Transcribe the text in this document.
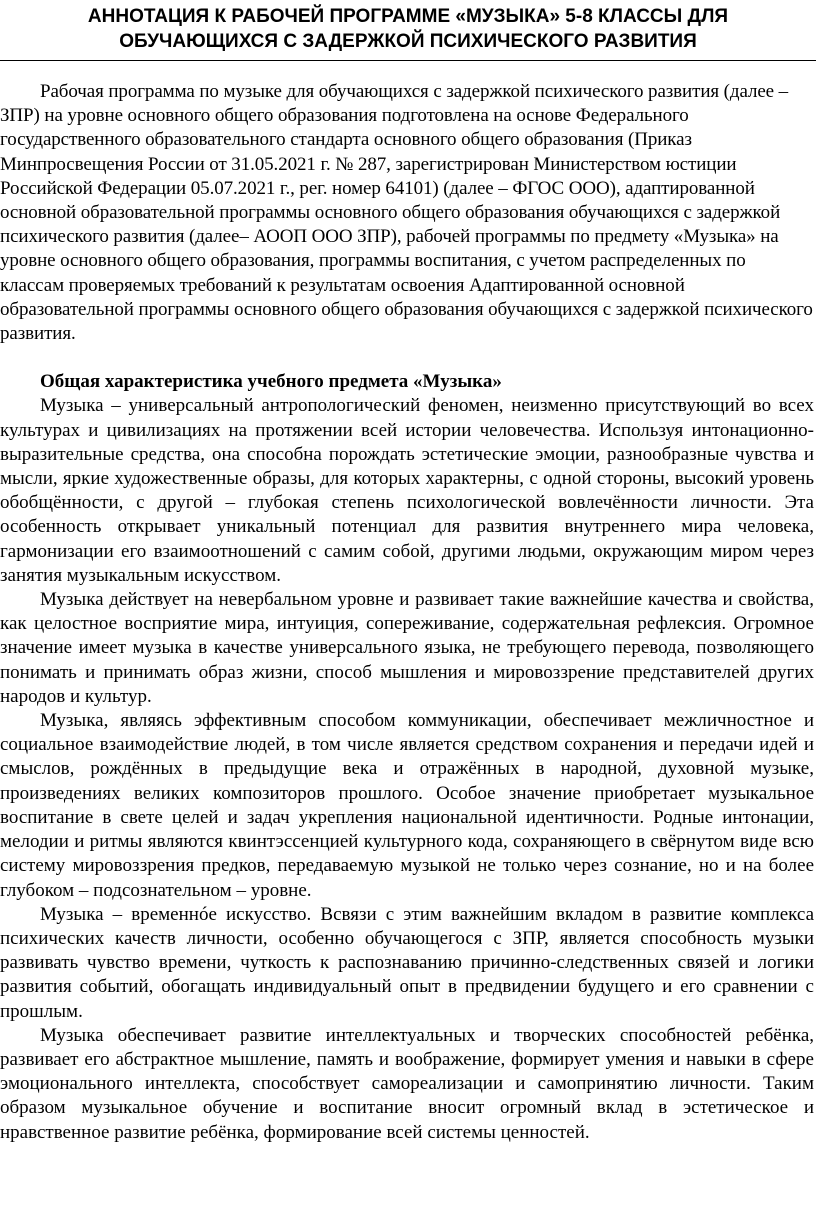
АННОТАЦИЯ К РАБОЧЕЙ ПРОГРАММЕ «МУЗЫКА» 5-8 КЛАССЫ ДЛЯ
ОБУЧАЮЩИХСЯ С ЗАДЕРЖКОЙ ПСИХИЧЕСКОГО РАЗВИТИЯ

Рабочая программа по музыке для обучающихся с задержкой психического развития (далее – ЗПР) на уровне основного общего образования подготовлена на основе Федерального государственного образовательного стандарта основного общего образования (Приказ Минпросвещения России от 31.05.2021 г. № 287, зарегистрирован Министерством юстиции Российской Федерации 05.07.2021 г., рег. номер 64101) (далее – ФГОС ООО), адаптированной основной образовательной программы основного общего образования обучающихся с задержкой психического развития (далее– АООП ООО ЗПР), рабочей программы по предмету «Музыка» на уровне основного общего образования, программы воспитания, с учетом распределенных по классам проверяемых требований к результатам освоения Адаптированной основной образовательной программы основного общего образования обучающихся с задержкой психического развития.

Общая характеристика учебного предмета «Музыка»

Музыка – универсальный антропологический феномен, неизменно присутствующий во всех культурах и цивилизациях на протяжении всей истории человечества. Используя интонационно-выразительные средства, она способна порождать эстетические эмоции, разнообразные чувства и мысли, яркие художественные образы, для которых характерны, с одной стороны, высокий уровень обобщённости, с другой – глубокая степень психологической вовлечённости личности. Эта особенность открывает уникальный потенциал для развития внутреннего мира человека, гармонизации его взаимоотношений с самим собой, другими людьми, окружающим миром через занятия музыкальным искусством.

Музыка действует на невербальном уровне и развивает такие важнейшие качества и свойства, как целостное восприятие мира, интуиция, сопереживание, содержательная рефлексия. Огромное значение имеет музыка в качестве универсального языка, не требующего перевода, позволяющего понимать и принимать образ жизни, способ мышления и мировоззрение представителей других народов и культур.

Музыка, являясь эффективным способом коммуникации, обеспечивает межличностное и социальное взаимодействие людей, в том числе является средством сохранения и передачи идей и смыслов, рождённых в предыдущие века и отражённых в народной, духовной музыке, произведениях великих композиторов прошлого. Особое значение приобретает музыкальное воспитание в свете целей и задач укрепления национальной идентичности. Родные интонации, мелодии и ритмы являются квинтэссенцией культурного кода, сохраняющего в свёрнутом виде всю систему мировоззрения предков, передаваемую музыкой не только через сознание, но и на более глубоком – подсознательном – уровне.

Музыка – временнóе искусство. Всвязи с этим важнейшим вкладом в развитие комплекса психических качеств личности, особенно обучающегося с ЗПР, является способность музыки развивать чувство времени, чуткость к распознаванию причинно-следственных связей и логики развития событий, обогащать индивидуальный опыт в предвидении будущего и его сравнении с прошлым.

Музыка обеспечивает развитие интеллектуальных и творческих способностей ребёнка, развивает его абстрактное мышление, память и воображение, формирует умения и навыки в сфере эмоционального интеллекта, способствует самореализации и самопринятию личности. Таким образом музыкальное обучение и воспитание вносит огромный вклад в эстетическое и нравственное развитие ребёнка, формирование всей системы ценностей.
